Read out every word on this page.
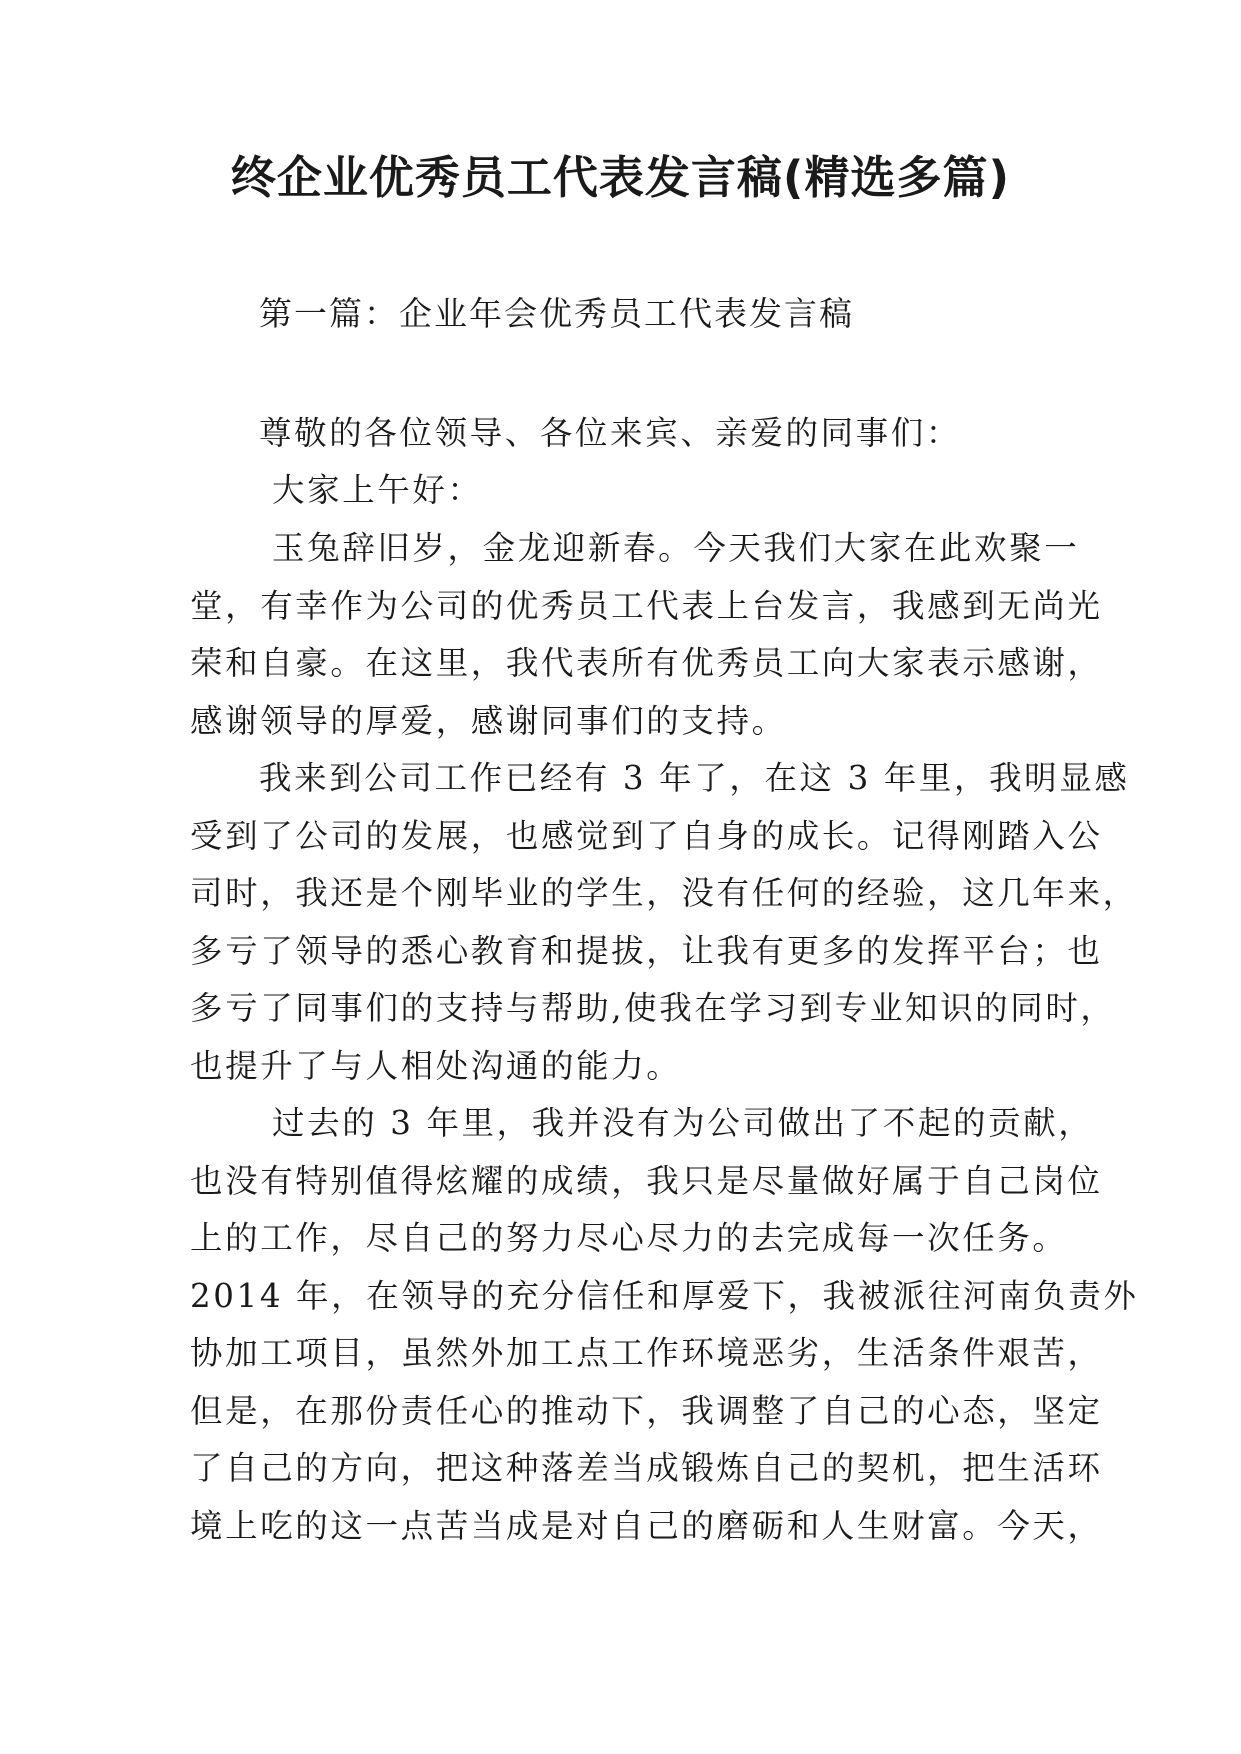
终企业优秀员工代表发言稿(精选多篇)

第一篇：企业年会优秀员工代表发言稿

尊敬的各位领导、各位来宾、亲爱的同事们：

大家上午好：

玉兔辞旧岁，金龙迎新春。今天我们大家在此欢聚一
堂，有幸作为公司的优秀员工代表上台发言，我感到无尚光
荣和自豪。在这里，我代表所有优秀员工向大家表示感谢，
感谢领导的厚爱，感谢同事们的支持。
我来到公司工作已经有 3 年了，在这 3 年里，我明显感
受到了公司的发展，也感觉到了自身的成长。记得刚踏入公
司时，我还是个刚毕业的学生，没有任何的经验，这几年来，
多亏了领导的悉心教育和提拔，让我有更多的发挥平台；也
多亏了同事们的支持与帮助,使我在学习到专业知识的同时，
也提升了与人相处沟通的能力。
过去的 3 年里，我并没有为公司做出了不起的贡献，
也没有特别值得炫耀的成绩，我只是尽量做好属于自己岗位
上的工作，尽自己的努力尽心尽力的去完成每一次任务。
2014 年，在领导的充分信任和厚爱下，我被派往河南负责外
协加工项目，虽然外加工点工作环境恶劣，生活条件艰苦，
但是，在那份责任心的推动下，我调整了自己的心态，坚定
了自己的方向，把这种落差当成锻炼自己的契机，把生活环
境上吃的这一点苦当成是对自己的磨砺和人生财富。今天，
